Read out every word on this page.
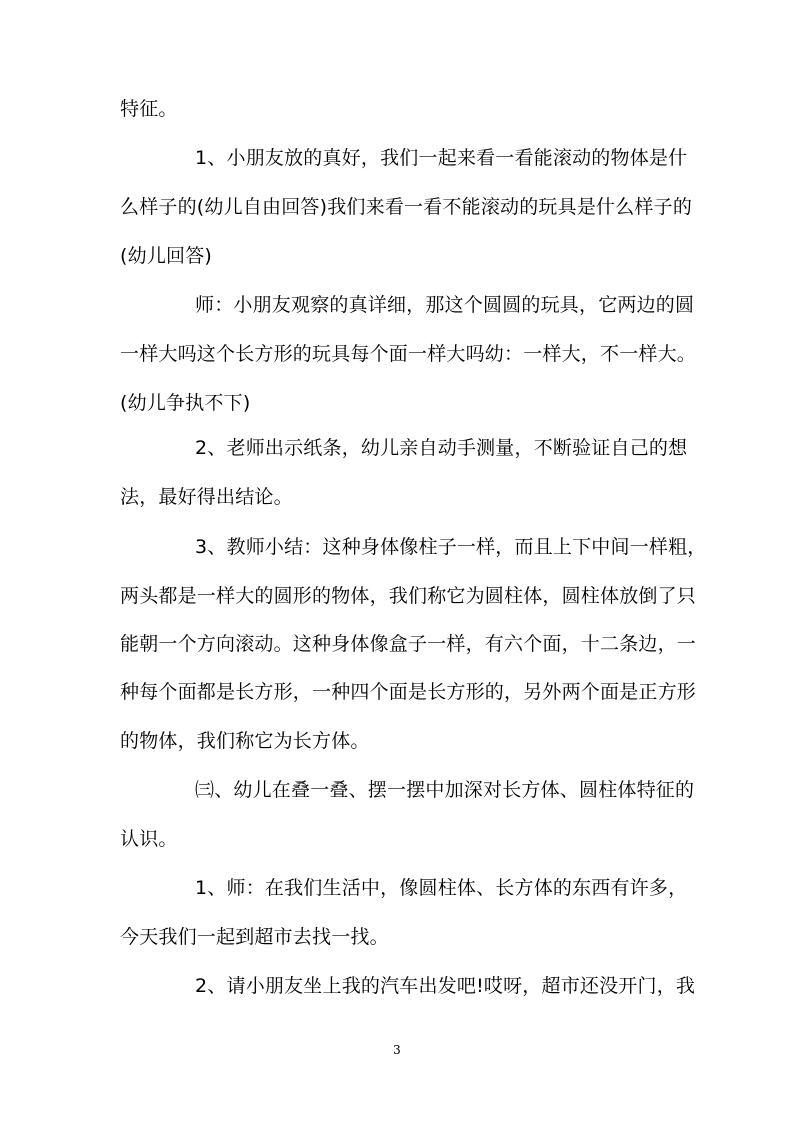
特征。
1、小朋友放的真好，我们一起来看一看能滚动的物体是什
么样子的(幼儿自由回答)我们来看一看不能滚动的玩具是什么样子的
(幼儿回答)
师：小朋友观察的真详细，那这个圆圆的玩具，它两边的圆
一样大吗这个长方形的玩具每个面一样大吗幼：一样大，不一样大。
(幼儿争执不下)
2、老师出示纸条，幼儿亲自动手测量，不断验证自己的想
法，最好得出结论。
3、教师小结：这种身体像柱子一样，而且上下中间一样粗，
两头都是一样大的圆形的物体，我们称它为圆柱体，圆柱体放倒了只
能朝一个方向滚动。这种身体像盒子一样，有六个面，十二条边，一
种每个面都是长方形，一种四个面是长方形的，另外两个面是正方形
的物体，我们称它为长方体。
㈢、幼儿在叠一叠、摆一摆中加深对长方体、圆柱体特征的
认识。
1、师：在我们生活中，像圆柱体、长方体的东西有许多，
今天我们一起到超市去找一找。
2、请小朋友坐上我的汽车出发吧!哎呀，超市还没开门，我
3
